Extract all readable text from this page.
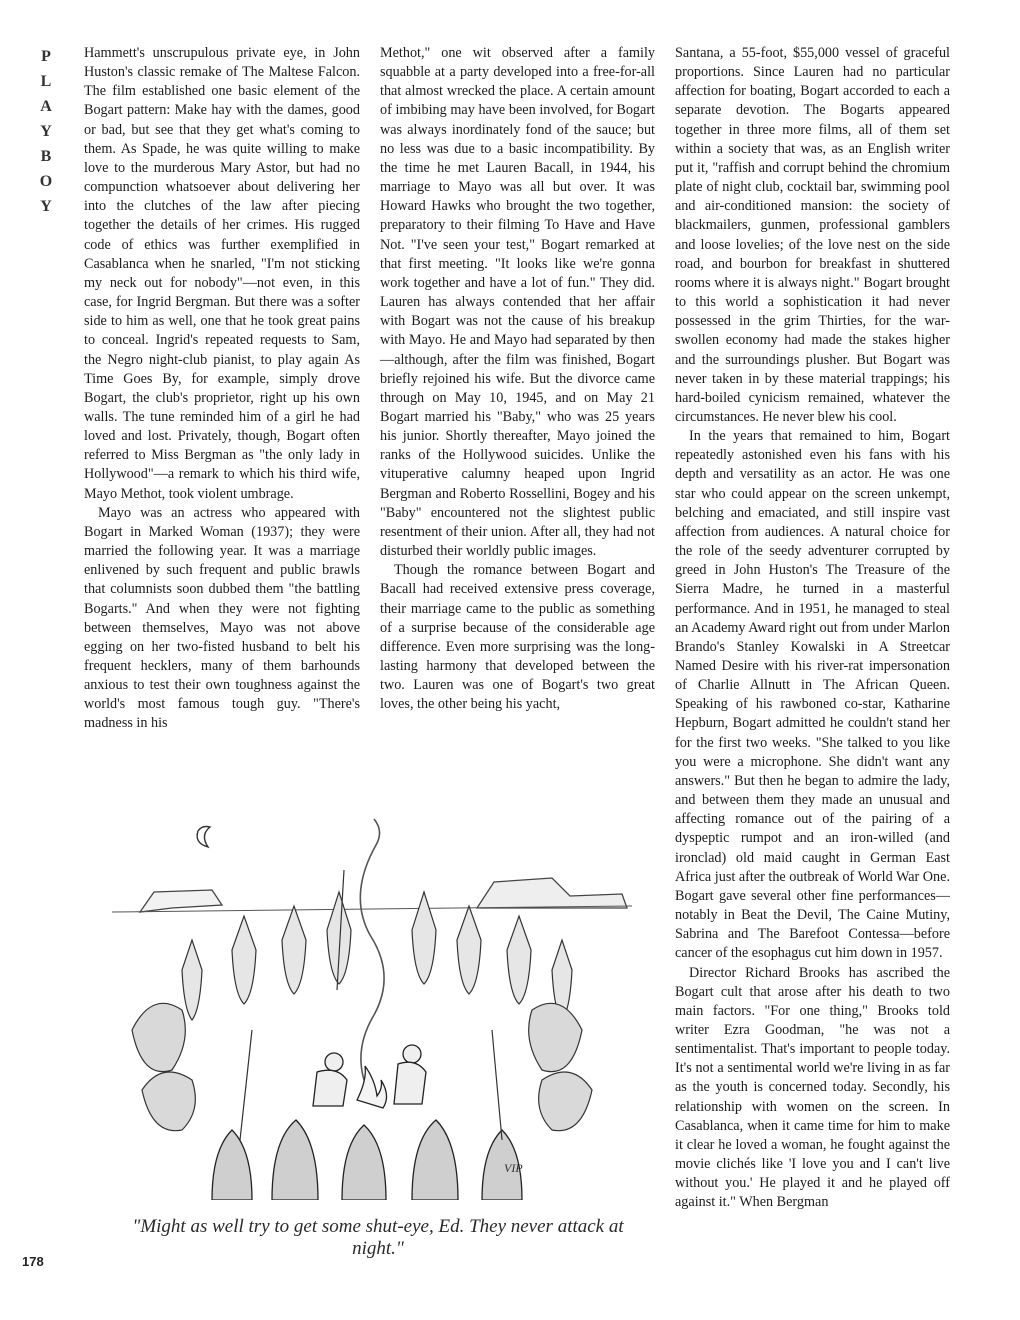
P
L
A
Y
B
O
Y

Hammett's unscrupulous private eye, in John Huston's classic remake of The Maltese Falcon. The film established one basic element of the Bogart pattern: Make hay with the dames, good or bad, but see that they get what's coming to them. As Spade, he was quite willing to make love to the murderous Mary Astor, but had no compunction whatsoever about delivering her into the clutches of the law after piecing together the details of her crimes. His rugged code of ethics was further exemplified in Casablanca when he snarled, "I'm not sticking my neck out for nobody"—not even, in this case, for Ingrid Bergman. But there was a softer side to him as well, one that he took great pains to conceal. Ingrid's repeated requests to Sam, the Negro night-club pianist, to play again As Time Goes By, for example, simply drove Bogart, the club's proprietor, right up his own walls. The tune reminded him of a girl he had loved and lost. Privately, though, Bogart often referred to Miss Bergman as "the only lady in Hollywood"—a remark to which his third wife, Mayo Methot, took violent umbrage.

Mayo was an actress who appeared with Bogart in Marked Woman (1937); they were married the following year. It was a marriage enlivened by such frequent and public brawls that columnists soon dubbed them "the battling Bogarts." And when they were not fighting between themselves, Mayo was not above egging on her two-fisted husband to belt his frequent hecklers, many of them barhounds anxious to test their own toughness against the world's most famous tough guy. "There's madness in his

Methot," one wit observed after a family squabble at a party developed into a free-for-all that almost wrecked the place. A certain amount of imbibing may have been involved, for Bogart was always inordinately fond of the sauce; but no less was due to a basic incompatibility. By the time he met Lauren Bacall, in 1944, his marriage to Mayo was all but over. It was Howard Hawks who brought the two together, preparatory to their filming To Have and Have Not. "I've seen your test," Bogart remarked at that first meeting. "It looks like we're gonna work together and have a lot of fun." They did. Lauren has always contended that her affair with Bogart was not the cause of his breakup with Mayo. He and Mayo had separated by then—although, after the film was finished, Bogart briefly rejoined his wife. But the divorce came through on May 10, 1945, and on May 21 Bogart married his "Baby," who was 25 years his junior. Shortly thereafter, Mayo joined the ranks of the Hollywood suicides. Unlike the vituperative calumny heaped upon Ingrid Bergman and Roberto Rossellini, Bogey and his "Baby" encountered not the slightest public resentment of their union. After all, they had not disturbed their worldly public images.

Though the romance between Bogart and Bacall had received extensive press coverage, their marriage came to the public as something of a surprise because of the considerable age difference. Even more surprising was the long-lasting harmony that developed between the two. Lauren was one of Bogart's two great loves, the other being his yacht,

Santana, a 55-foot, $55,000 vessel of graceful proportions. Since Lauren had no particular affection for boating, Bogart accorded to each a separate devotion. The Bogarts appeared together in three more films, all of them set within a society that was, as an English writer put it, "raffish and corrupt behind the chromium plate of night club, cocktail bar, swimming pool and air-conditioned mansion: the society of blackmailers, gunmen, professional gamblers and loose lovelies; of the love nest on the side road, and bourbon for breakfast in shuttered rooms where it is always night." Bogart brought to this world a sophistication it had never possessed in the grim Thirties, for the war-swollen economy had made the stakes higher and the surroundings plusher. But Bogart was never taken in by these material trappings; his hard-boiled cynicism remained, whatever the circumstances. He never blew his cool.

In the years that remained to him, Bogart repeatedly astonished even his fans with his depth and versatility as an actor. He was one star who could appear on the screen unkempt, belching and emaciated, and still inspire vast affection from audiences. A natural choice for the role of the seedy adventurer corrupted by greed in John Huston's The Treasure of the Sierra Madre, he turned in a masterful performance. And in 1951, he managed to steal an Academy Award right out from under Marlon Brando's Stanley Kowalski in A Streetcar Named Desire with his river-rat impersonation of Charlie Allnutt in The African Queen. Speaking of his rawboned co-star, Katharine Hepburn, Bogart admitted he couldn't stand her for the first two weeks. "She talked to you like you were a microphone. She didn't want any answers." But then he began to admire the lady, and between them they made an unusual and affecting romance out of the pairing of a dyspeptic rumpot and an iron-willed (and ironclad) old maid caught in German East Africa just after the outbreak of World War One. Bogart gave several other fine performances—notably in Beat the Devil, The Caine Mutiny, Sabrina and The Barefoot Contessa—before cancer of the esophagus cut him down in 1957.

Director Richard Brooks has ascribed the Bogart cult that arose after his death to two main factors. "For one thing," Brooks told writer Ezra Goodman, "he was not a sentimentalist. That's important to people today. It's not a sentimental world we're living in as far as the youth is concerned today. Secondly, his relationship with women on the screen. In Casablanca, when it came time for him to make it clear he loved a woman, he fought against the movie clichés like 'I love you and I can't live without you.' He played it and he played off against it." When Bergman

VIP
"Might as well try to get some shut-eye, Ed. They never attack at night."
178
